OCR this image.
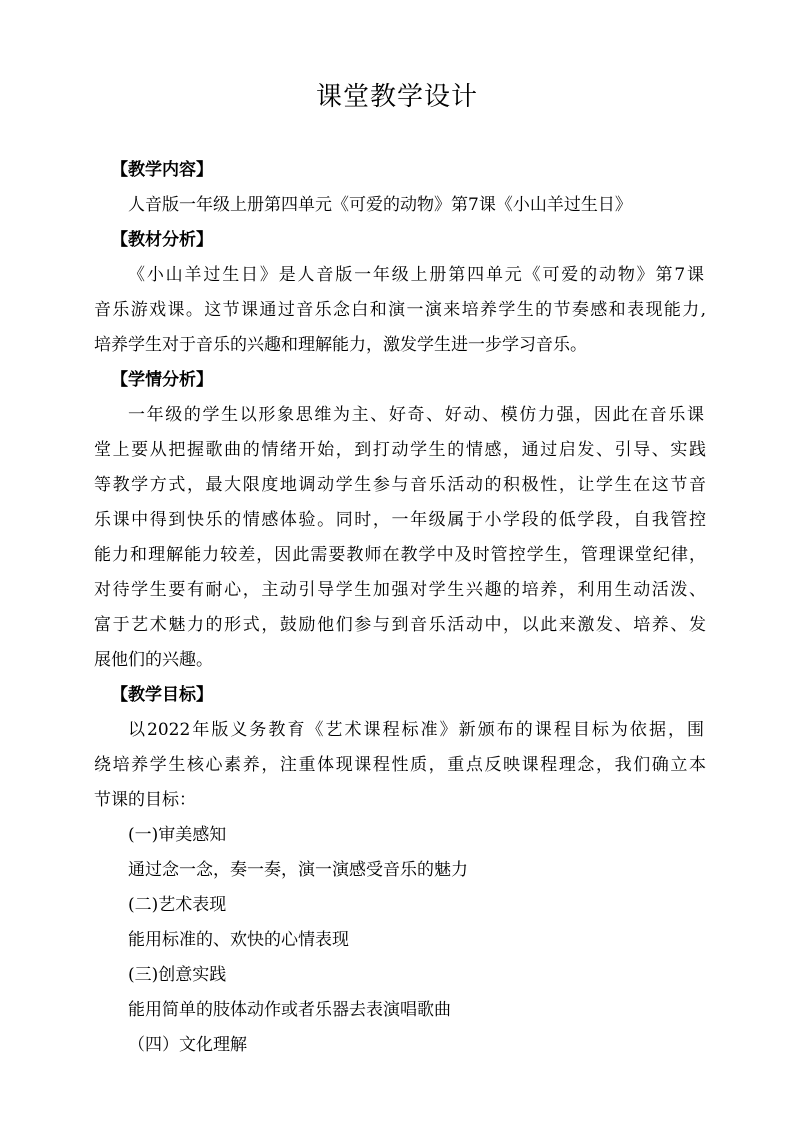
课堂教学设计

【教学内容】

人音版一年级上册第四单元《可爱的动物》第7课《小山羊过生日》

【教材分析】

《小山羊过生日》是人音版一年级上册第四单元《可爱的动物》第7课

音乐游戏课。这节课通过音乐念白和演一演来培养学生的节奏感和表现能力,

培养学生对于音乐的兴趣和理解能力，激发学生进一步学习音乐。

【学情分析】

一年级的学生以形象思维为主、好奇、好动、模仿力强，因此在音乐课

堂上要从把握歌曲的情绪开始，到打动学生的情感，通过启发、引导、实践

等教学方式，最大限度地调动学生参与音乐活动的积极性，让学生在这节音

乐课中得到快乐的情感体验。同时，一年级属于小学段的低学段，自我管控

能力和理解能力较差，因此需要教师在教学中及时管控学生，管理课堂纪律，

对待学生要有耐心，主动引导学生加强对学生兴趣的培养，利用生动活泼、

富于艺术魅力的形式，鼓励他们参与到音乐活动中，以此来激发、培养、发

展他们的兴趣。

【教学目标】

以2022年版义务教育《艺术课程标准》新颁布的课程目标为依据，围

绕培养学生核心素养，注重体现课程性质，重点反映课程理念，我们确立本

节课的目标：

(一)审美感知

通过念一念，奏一奏，演一演感受音乐的魅力

(二)艺术表现

能用标准的、欢快的心情表现

(三)创意实践

能用简单的肢体动作或者乐器去表演唱歌曲

（四）文化理解
